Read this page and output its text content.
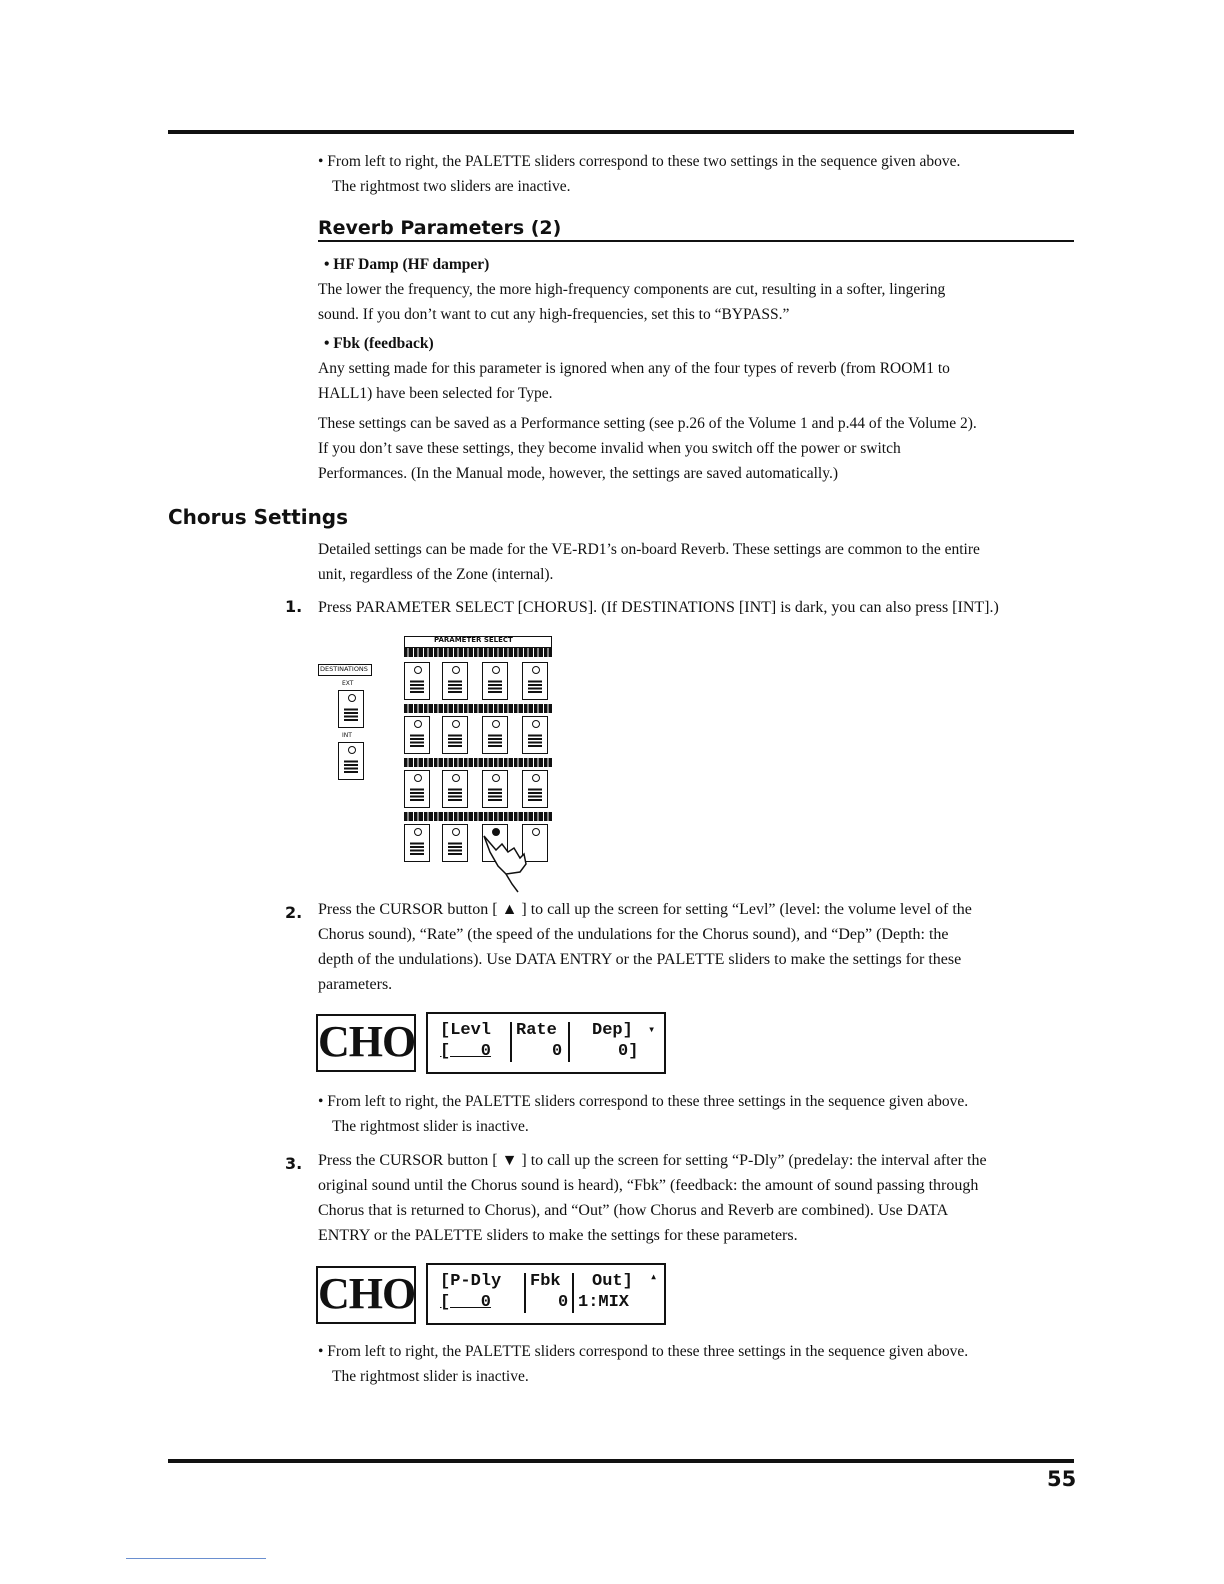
• From left to right, the PALETTE sliders correspond to these two settings in the sequence given above.
The rightmost two sliders are inactive.
Reverb Parameters (2)
• HF Damp (HF damper)
The lower the frequency, the more high-frequency components are cut, resulting in a softer, lingering
sound. If you don’t want to cut any high-frequencies, set this to “BYPASS.”
• Fbk (feedback)
Any setting made for this parameter is ignored when any of the four types of reverb (from ROOM1 to
HALL1) have been selected for Type.
These settings can be saved as a Performance setting (see p.26 of the Volume 1 and p.44 of the Volume 2).
If you don’t save these settings, they become invalid when you switch off the power or switch
Performances. (In the Manual mode, however, the settings are saved automatically.)
Chorus Settings
Detailed settings can be made for the VE-RD1’s on-board Reverb. These settings are common to the entire
unit, regardless of the Zone (internal).
1. Press PARAMETER SELECT [CHORUS]. (If DESTINATIONS [INT] is dark, you can also press [INT].)
PARAMETER SELECT
DESTINATIONS
EXT
INT
2. Press the CURSOR button [ ▲ ] to call up the screen for setting “Levl” (level: the volume level of the
Chorus sound), “Rate” (the speed of the undulations for the Chorus sound), and “Dep” (Depth: the
depth of the undulations). Use DATA ENTRY or the PALETTE sliders to make the settings for these
parameters.
CHO [Levl Rate Dep] ▾
[   0	0	0]
• From left to right, the PALETTE sliders correspond to these three settings in the sequence given above.
The rightmost slider is inactive.
3. Press the CURSOR button [ ▼ ] to call up the screen for setting “P-Dly” (predelay: the interval after the
original sound until the Chorus sound is heard), “Fbk” (feedback: the amount of sound passing through
Chorus that is returned to Chorus), and “Out” (how Chorus and Reverb are combined). Use DATA
ENTRY or the PALETTE sliders to make the settings for these parameters.
CHO [P-Dly Fbk Out] ▴
[   0	0 1:MIX
• From left to right, the PALETTE sliders correspond to these three settings in the sequence given above.
The rightmost slider is inactive.
55
